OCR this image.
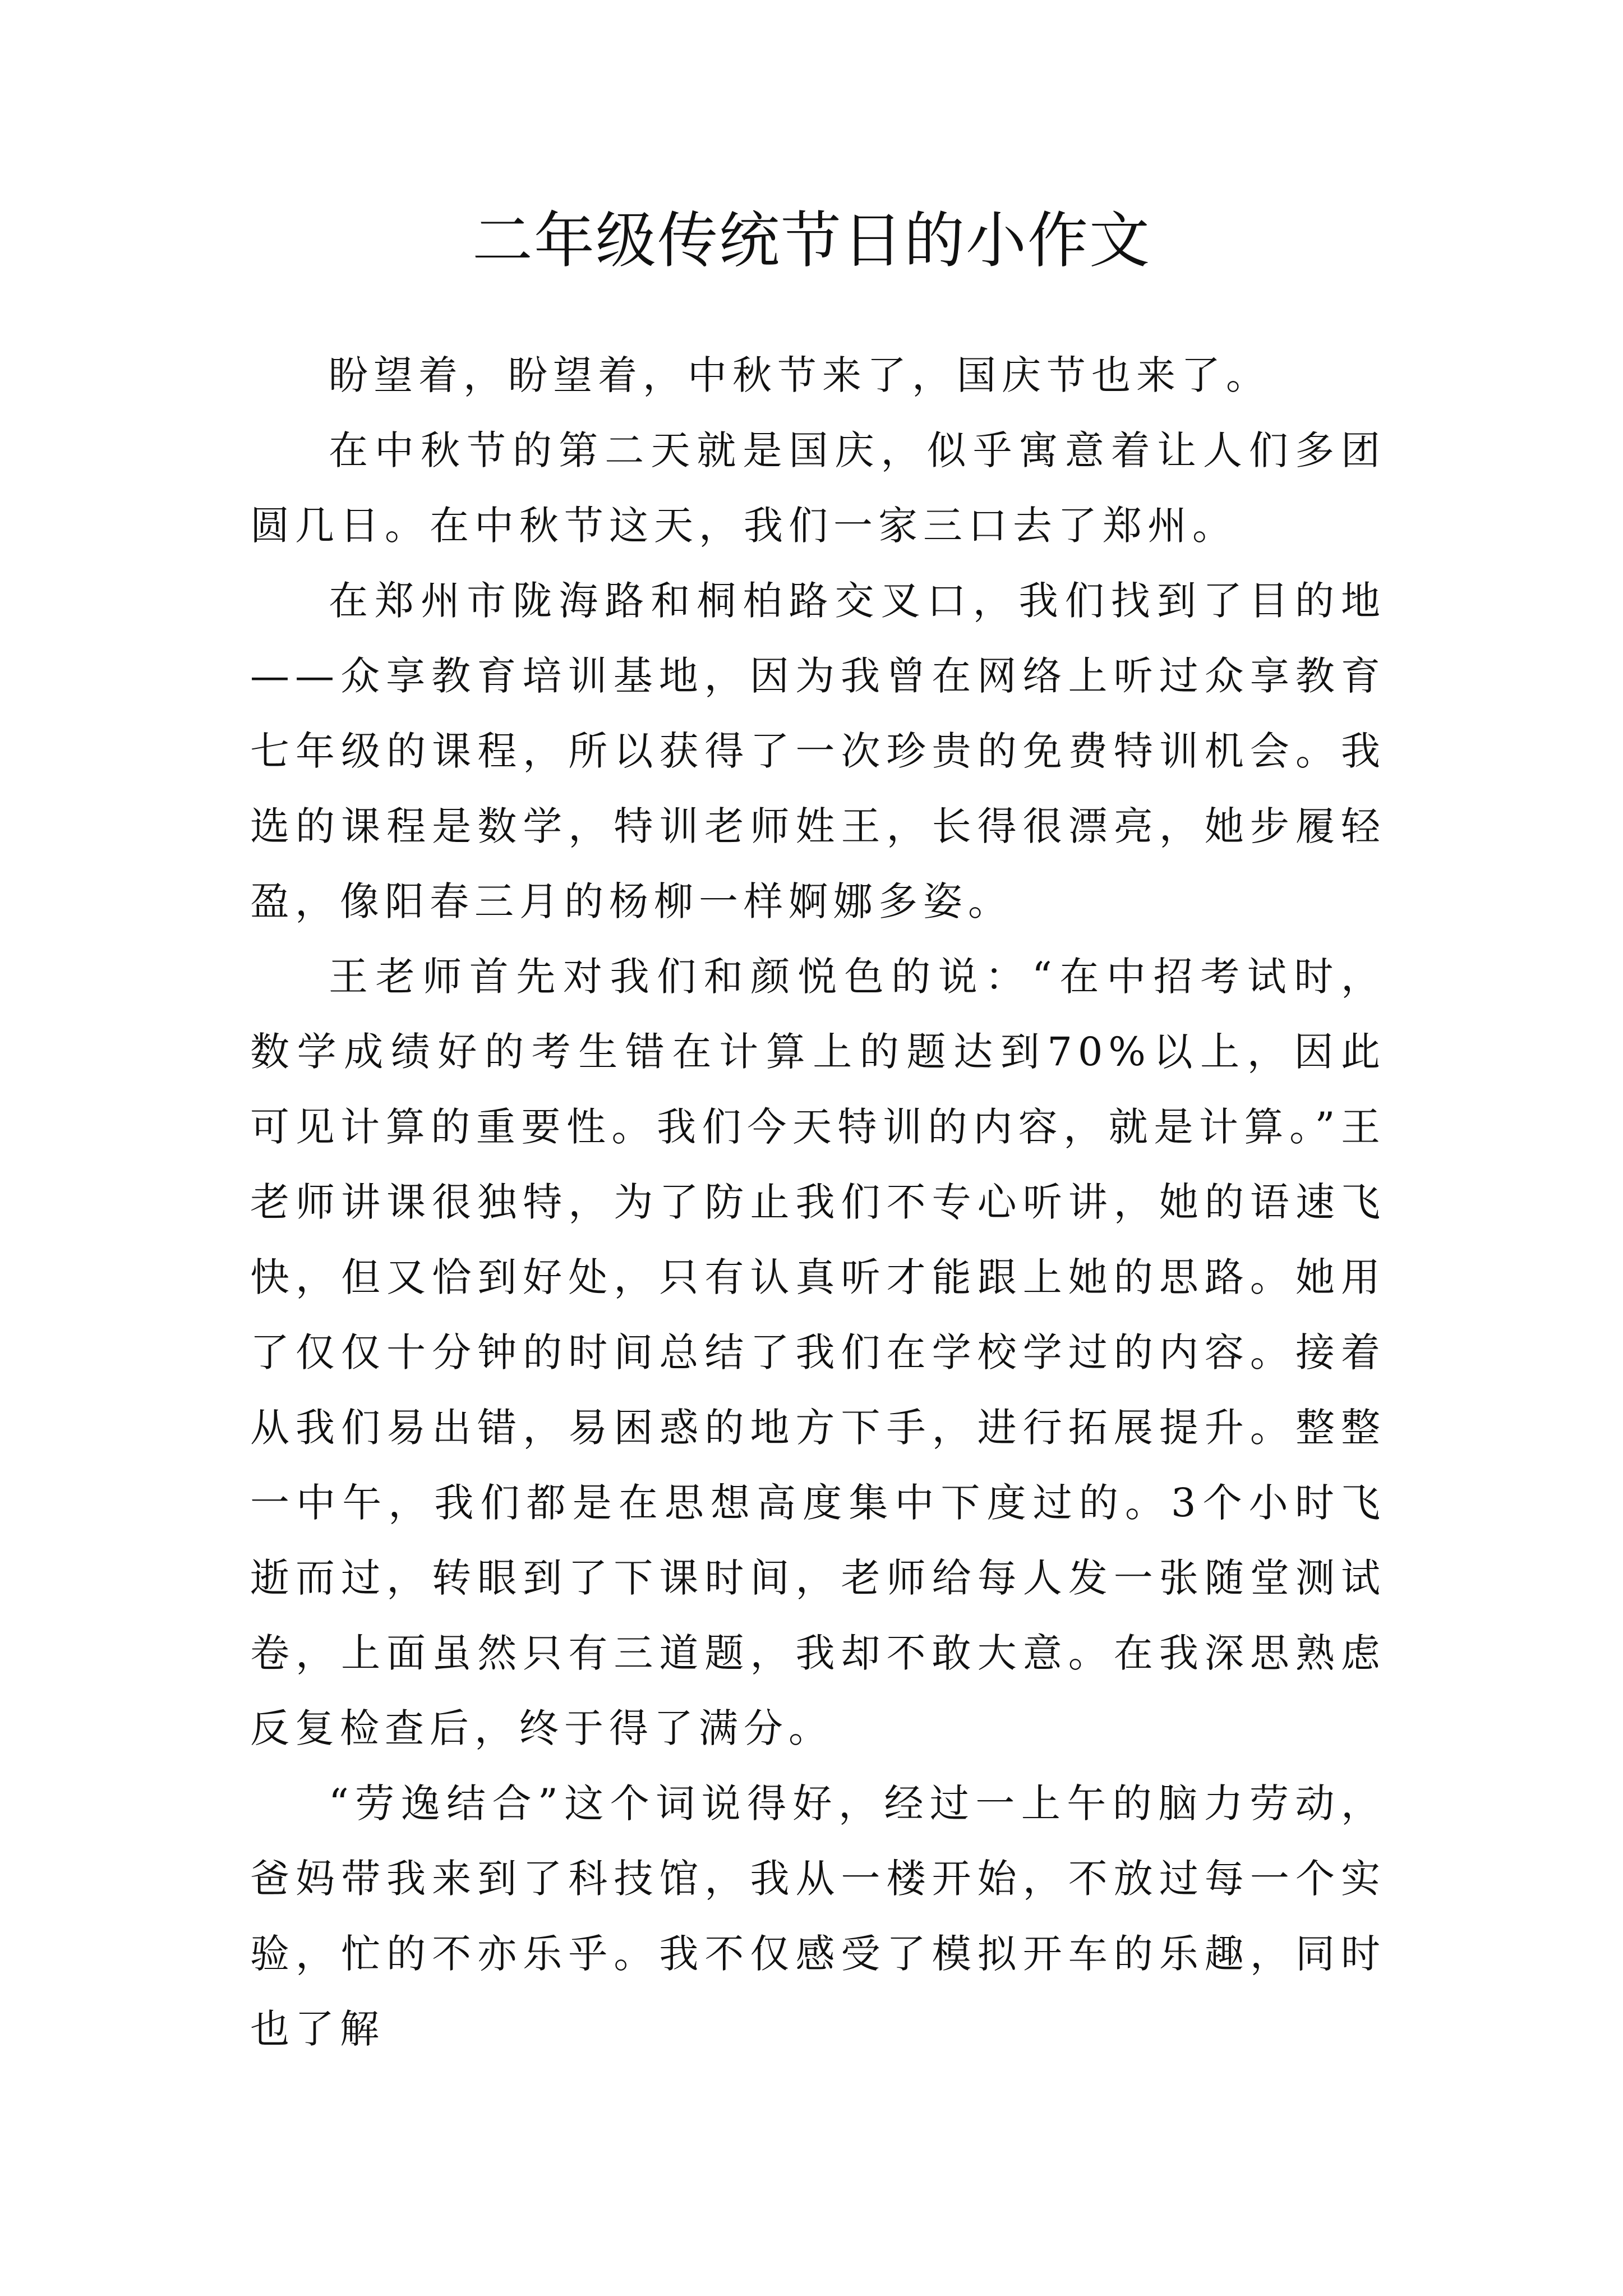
二年级传统节日的小作文

盼望着，盼望着，中秋节来了，国庆节也来了。

在中秋节的第二天就是国庆，似乎寓意着让人们多团圆几日。在中秋节这天，我们一家三口去了郑州。

在郑州市陇海路和桐柏路交叉口，我们找到了目的地——众享教育培训基地，因为我曾在网络上听过众享教育七年级的课程，所以获得了一次珍贵的免费特训机会。我选的课程是数学，特训老师姓王，长得很漂亮，她步履轻盈，像阳春三月的杨柳一样婀娜多姿。

王老师首先对我们和颜悦色的说：“在中招考试时，数学成绩好的考生错在计算上的题达到70%以上，因此可见计算的重要性。我们今天特训的内容，就是计算。”王老师讲课很独特，为了防止我们不专心听讲，她的语速飞快，但又恰到好处，只有认真听才能跟上她的思路。她用了仅仅十分钟的时间总结了我们在学校学过的内容。接着从我们易出错，易困惑的地方下手，进行拓展提升。整整一中午，我们都是在思想高度集中下度过的。3个小时飞逝而过，转眼到了下课时间，老师给每人发一张随堂测试卷，上面虽然只有三道题，我却不敢大意。在我深思熟虑反复检查后，终于得了满分。

“劳逸结合”这个词说得好，经过一上午的脑力劳动，爸妈带我来到了科技馆，我从一楼开始，不放过每一个实验，忙的不亦乐乎。我不仅感受了模拟开车的乐趣，同时也了解
